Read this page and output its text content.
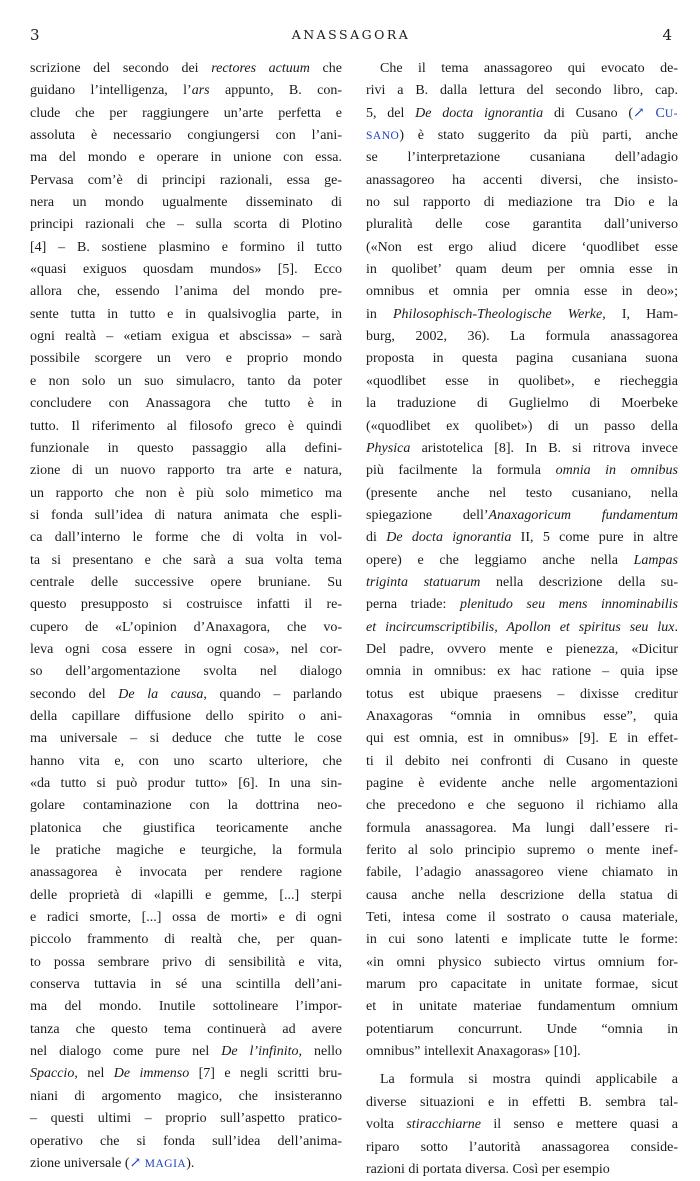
3	ANASSAGORA	4
scrizione del secondo dei rectores actuum che
guidano l’intelligenza, l’ars appunto, B. con-
clude che per raggiungere un’arte perfetta e
assoluta è necessario congiungersi con l’ani-
ma del mondo e operare in unione con essa.
Pervasa com’è di principi razionali, essa ge-
nera un mondo ugualmente disseminato di
principi razionali che – sulla scorta di Plotino
[4] – B. sostiene plasmino e formino il tutto
«quasi exiguos quosdam mundos» [5]. Ecco
allora che, essendo l’anima del mondo pre-
sente tutta in tutto e in qualsivoglia parte, in
ogni realtà – «etiam exigua et abscissa» – sarà
possibile scorgere un vero e proprio mondo
e non solo un suo simulacro, tanto da poter
concludere con Anassagora che tutto è in
tutto. Il riferimento al filosofo greco è quindi
funzionale in questo passaggio alla defini-
zione di un nuovo rapporto tra arte e natura,
un rapporto che non è più solo mimetico ma
si fonda sull’idea di natura animata che espli-
ca dall’interno le forme che di volta in vol-
ta si presentano e che sarà a sua volta tema
centrale delle successive opere bruniane. Su
questo presupposto si costruisce infatti il re-
cupero de «L’opinion d’Anaxagora, che vo-
leva ogni cosa essere in ogni cosa», nel cor-
so dell’argomentazione svolta nel dialogo
secondo del De la causa, quando – parlando
della capillare diffusione dello spirito o ani-
ma universale – si deduce che tutte le cose
hanno vita e, con uno scarto ulteriore, che
«da tutto si può produr tutto» [6]. In una sin-
golare contaminazione con la dottrina neo-
platonica che giustifica teoricamente anche
le pratiche magiche e teurgiche, la formula
anassagorea è invocata per rendere ragione
delle proprietà di «lapilli e gemme, [...] sterpi
e radici smorte, [...] ossa de morti» e di ogni
piccolo frammento di realtà che, per quan-
to possa sembrare privo di sensibilità e vita,
conserva tuttavia in sé una scintilla dell’ani-
ma del mondo. Inutile sottolineare l’impor-
tanza che questo tema continuerà ad avere
nel dialogo come pure nel De l’infinito, nello
Spaccio, nel De immenso [7] e negli scritti bru-
niani di argomento magico, che insisteranno
– questi ultimi – proprio sull’aspetto pratico-
operativo che si fonda sull’idea dell’anima-
zione universale (↗ MAGIA).
Che il tema anassagoreo qui evocato de-
rivi a B. dalla lettura del secondo libro, cap.
5, del De docta ignorantia di Cusano (↗ CU-
SANO) è stato suggerito da più parti, anche
se l’interpretazione cusaniana dell’adagio
anassagoreo ha accenti diversi, che insisto-
no sul rapporto di mediazione tra Dio e la
pluralità delle cose garantita dall’universo
(«Non est ergo aliud dicere ‘quodlibet esse
in quolibet’ quam deum per omnia esse in
omnibus et omnia per omnia esse in deo»;
in Philosophisch-Theologische Werke, I, Ham-
burg, 2002, 36). La formula anassagorea
proposta in questa pagina cusaniana suona
«quodlibet esse in quolibet», e riecheggia
la traduzione di Guglielmo di Moerbeke
(«quodlibet ex quolibet») di un passo della
Physica aristotelica [8]. In B. si ritrova invece
più facilmente la formula omnia in omnibus
(presente anche nel testo cusaniano, nella
spiegazione dell’Anaxagoricum fundamentum
di De docta ignorantia II, 5 come pure in altre
opere) e che leggiamo anche nella Lampas
triginta statuarum nella descrizione della su-
perna triade: plenitudo seu mens innominabilis
et incircumscriptibilis, Apollon et spiritus seu lux.
Del padre, ovvero mente e pienezza, «Dicitur
omnia in omnibus: ex hac ratione – quia ipse
totus est ubique praesens – dixisse creditur
Anaxagoras “omnia in omnibus esse”, quia
qui est omnia, est in omnibus» [9]. E in effet-
ti il debito nei confronti di Cusano in queste
pagine è evidente anche nelle argomentazioni
che precedono e che seguono il richiamo alla
formula anassagorea. Ma lungi dall’essere ri-
ferito al solo principio supremo o mente inef-
fabile, l’adagio anassagoreo viene chiamato in
causa anche nella descrizione della statua di
Teti, intesa come il sostrato o causa materiale,
in cui sono latenti e implicate tutte le forme:
«in omni physico subiecto virtus omnium for-
marum pro capacitate in unitate formae, sicut
et in unitate materiae fundamentum omnium
potentiarum concurrunt. Unde “omnia in
omnibus” intellexit Anaxagoras» [10].
La formula si mostra quindi applicabile a
diverse situazioni e in effetti B. sembra tal-
volta stiracchiarne il senso e mettere quasi a
riparo sotto l’autorità anassagorea conside-
razioni di portata diversa. Così per esempio
